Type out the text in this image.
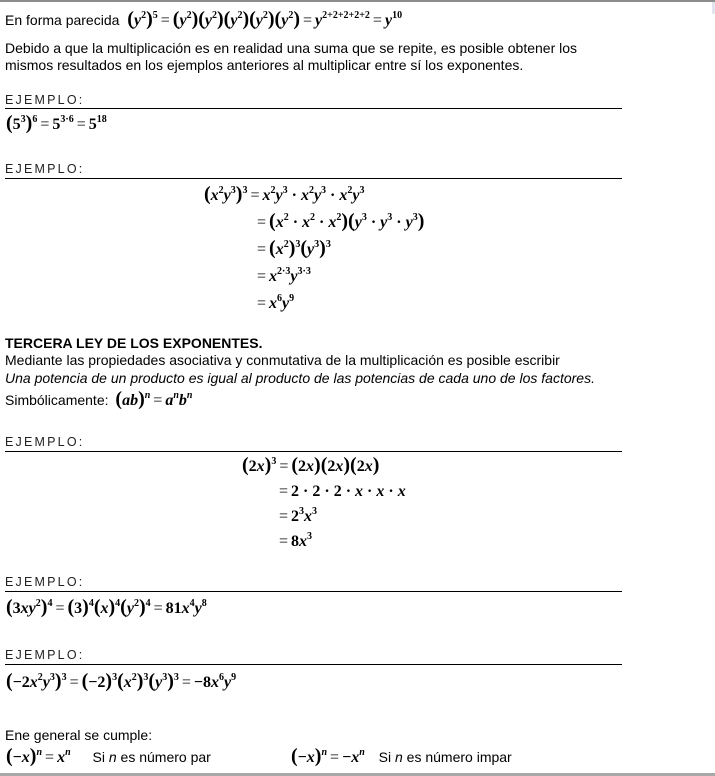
En forma parecida $(y^2)^5 = (y^2)(y^2)(y^2)(y^2)(y^2) = y^{2+2+2+2+2} = y^{10}$
Debido a que la multiplicación es en realidad una suma que se repite, es posible obtener los
mismos resultados en los ejemplos anteriores al multiplicar entre sí los exponentes.
EJEMPLO:
$(5^3)^6 = 5^{3\cdot 6} = 5^{18}$
EJEMPLO:
$(x^2y^3)^3 = x^2y^3 \cdot x^2y^3 \cdot x^2y^3$
= $(x^2 \cdot x^2 \cdot x^2)(y^3 \cdot y^3 \cdot y^3)$
= $(x^2)^3(y^3)^3$
= $x^{2\cdot 3}y^{3\cdot 3}$
= $x^6y^9$
TERCERA LEY DE LOS EXPONENTES.
Mediante las propiedades asociativa y conmutativa de la multiplicación es posible escribir
Una potencia de un producto es igual al producto de las potencias de cada uno de los factores.
Simbólicamente: $(ab)^n = a^nb^n$
EJEMPLO:
$(2x)^3 = (2x)(2x)(2x)$
= 2 · 2 · 2 · x · x · x
= $2^3x^3$
= $8x^3$
EJEMPLO:
$(3xy^2)^4 = (3)^4(x)^4(y^2)^4 = 81x^4y^8$
EJEMPLO:
$(-2x^2y^3)^3 = (-2)^3(x^2)^3(y^3)^3 = -8x^6y^9$
Ene general se cumple:
$(-x)^n = x^n$ Si n es número par	$(-x)^n = -x^n$ Si n es número impar
